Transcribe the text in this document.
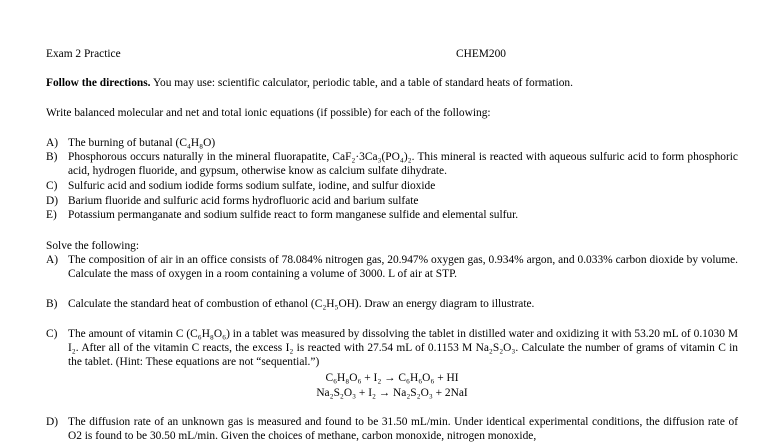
Exam 2 Practice	CHEM200
Follow the directions. You may use: scientific calculator, periodic table, and a table of standard heats of formation.
Write balanced molecular and net and total ionic equations (if possible) for each of the following:
A) The burning of butanal (C₄H₈O)
B) Phosphorous occurs naturally in the mineral fluorapatite, CaF₂·3Ca₃(PO₄)₂. This mineral is reacted with aqueous sulfuric acid to form phosphoric acid, hydrogen fluoride, and gypsum, otherwise know as calcium sulfate dihydrate.
C) Sulfuric acid and sodium iodide forms sodium sulfate, iodine, and sulfur dioxide
D) Barium fluoride and sulfuric acid forms hydrofluoric acid and barium sulfate
E) Potassium permanganate and sodium sulfide react to form manganese sulfide and elemental sulfur.
Solve the following:
A) The composition of air in an office consists of 78.084% nitrogen gas, 20.947% oxygen gas, 0.934% argon, and 0.033% carbon dioxide by volume. Calculate the mass of oxygen in a room containing a volume of 3000. L of air at STP.
B) Calculate the standard heat of combustion of ethanol (C₂H₅OH). Draw an energy diagram to illustrate.
C) The amount of vitamin C (C₆H₈O₆) in a tablet was measured by dissolving the tablet in distilled water and oxidizing it with 53.20 mL of 0.1030 M I₂. After all of the vitamin C reacts, the excess I₂ is reacted with 27.54 mL of 0.1153 M Na₂S₂O₃. Calculate the number of grams of vitamin C in the tablet. (Hint: These equations are not “sequential.”)
C₆H₈O₆ + I₂ → C₆H₆O₆ + HI
Na₂S₂O₃ + I₂ → Na₂S₂O₃ + 2NaI
D) The diffusion rate of an unknown gas is measured and found to be 31.50 mL/min. Under identical experimental conditions, the diffusion rate of O2 is found to be 30.50 mL/min. Given the choices of methane, carbon monoxide, nitrogen monoxide,
